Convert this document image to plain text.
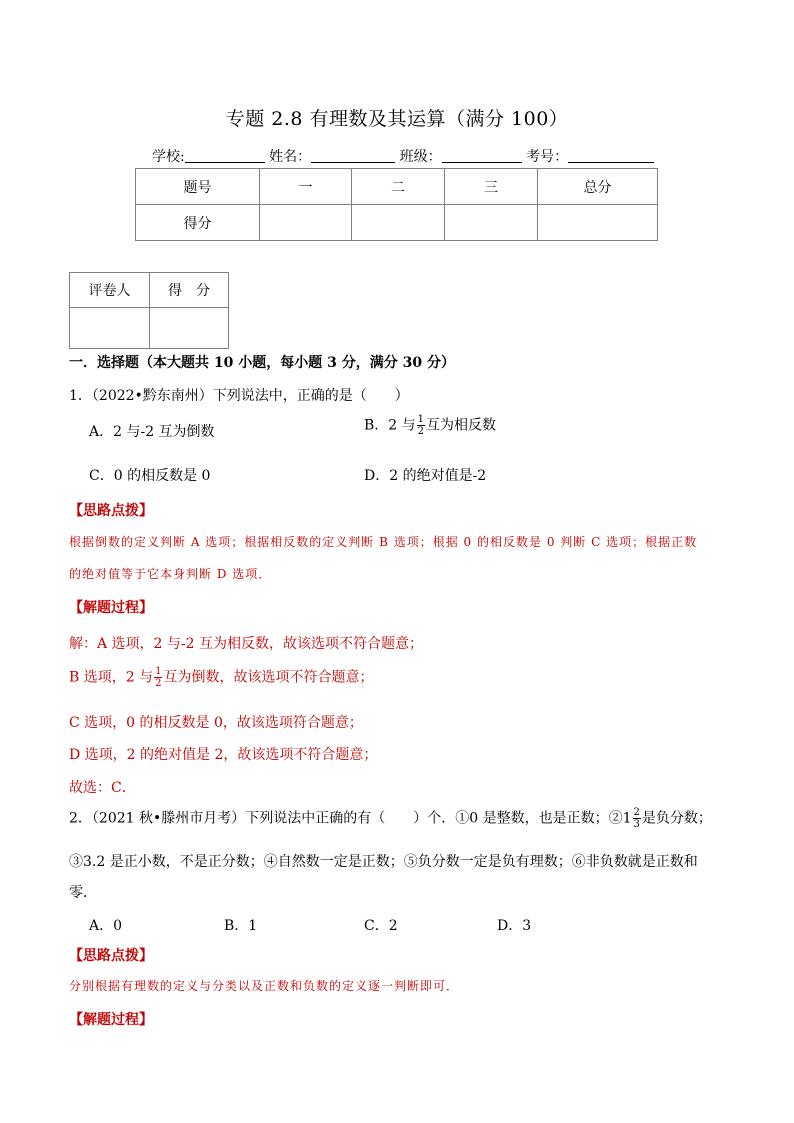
专题 2.8 有理数及其运算（满分 100）
学校:	姓名：	班级：	考号：
题号	一	二	三	总分
得分				
评卷人	得　分

一．选择题（本大题共 10 小题，每小题 3 分，满分 30 分）
1．（2022•黔东南州）下列说法中，正确的是（　　）
A．2 与-2 互为倒数	B．2 与 $\frac{1}{2}$ 互为相反数
C．0 的相反数是 0	D．2 的绝对值是-2
【思路点拨】
根据倒数的定义判断 A 选项；根据相反数的定义判断 B 选项；根据 0 的相反数是 0 判断 C 选项；根据正数
的绝对值等于它本身判断 D 选项．
【解题过程】
解：A 选项，2 与-2 互为相反数，故该选项不符合题意；
B 选项，2 与 $\frac{1}{2}$ 互为倒数，故该选项不符合题意；
C 选项，0 的相反数是 0，故该选项符合题意；
D 选项，2 的绝对值是 2，故该选项不符合题意；
故选：C．
2．（2021 秋•滕州市月考）下列说法中正确的有（　　）个．①0 是整数，也是正数；②1 $\frac{2}{3}$ 是负分数；
③3.2 是正小数，不是正分数；④自然数一定是正数；⑤负分数一定是负有理数；⑥非负数就是正数和
零．
A．0	B．1	C．2	D．3
【思路点拨】
分别根据有理数的定义与分类以及正数和负数的定义逐一判断即可．
【解题过程】
